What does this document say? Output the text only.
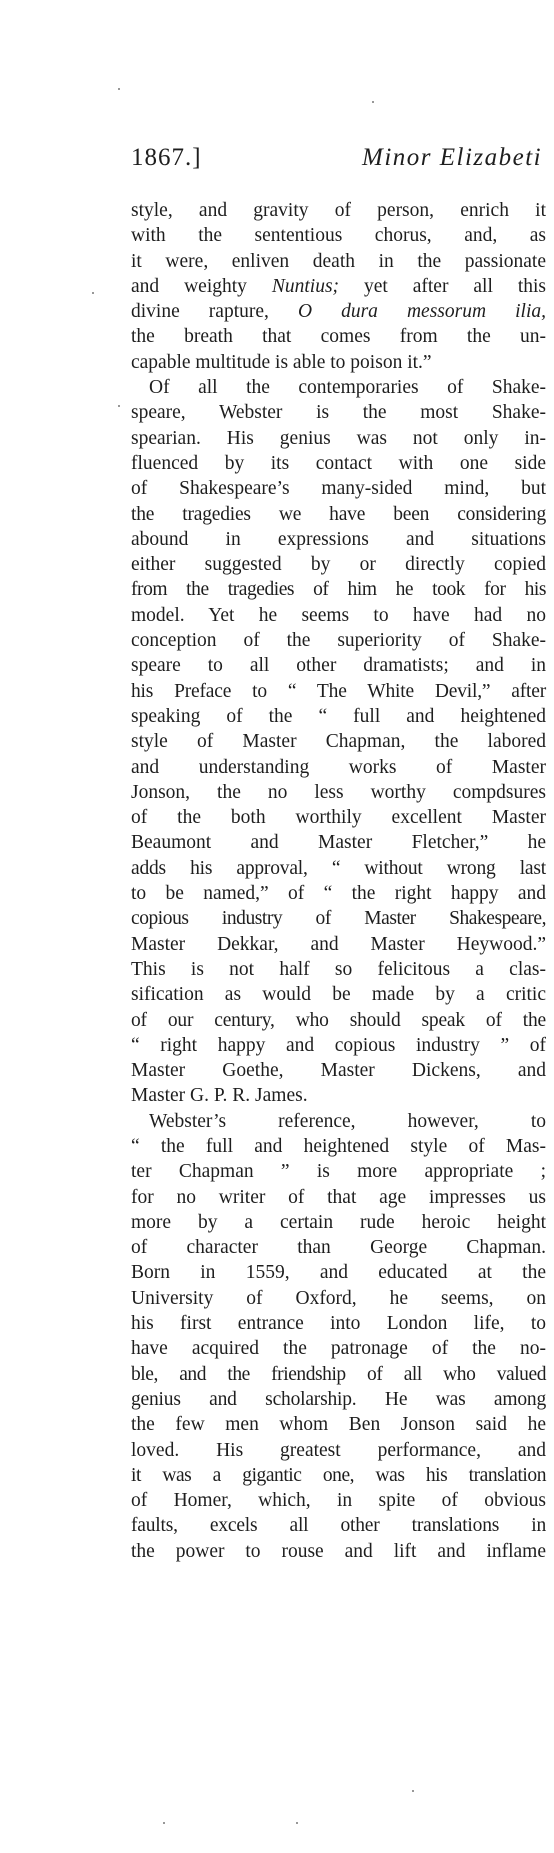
1867.]	Minor Elizabeti
style, and gravity of person, enrich it
with the sententious chorus, and, as
it were, enliven death in the passionate
and weighty Nuntius; yet after all this
divine rapture, O dura messorum ilia,
the breath that comes from the un-
capable multitude is able to poison it.”
Of all the contemporaries of Shake-
speare, Webster is the most Shake-
spearian. His genius was not only in-
fluenced by its contact with one side
of Shakespeare’s many-sided mind, but
the tragedies we have been considering
abound in expressions and situations
either suggested by or directly copied
from the tragedies of him he took for his
model. Yet he seems to have had no
conception of the superiority of Shake-
speare to all other dramatists; and in
his Preface to “ The White Devil,” after
speaking of the “ full and heightened
style of Master Chapman, the labored
and understanding works of Master
Jonson, the no less worthy compdsures
of the both worthily excellent Master
Beaumont and Master Fletcher,” he
adds his approval, “ without wrong last
to be named,” of “ the right happy and
copious industry of Master Shakespeare,
Master Dekkar, and Master Heywood.”
This is not half so felicitous a clas-
sification as would be made by a critic
of our century, who should speak of the
“ right happy and copious industry ” of
Master Goethe, Master Dickens, and
Master G. P. R. James.
Webster’s reference, however, to
“ the full and heightened style of Mas-
ter Chapman ” is more appropriate ;
for no writer of that age impresses us
more by a certain rude heroic height
of character than George Chapman.
Born in 1559, and educated at the
University of Oxford, he seems, on
his first entrance into London life, to
have acquired the patronage of the no-
ble, and the friendship of all who valued
genius and scholarship. He was among
the few men whom Ben Jonson said he
loved. His greatest performance, and
it was a gigantic one, was his translation
of Homer, which, in spite of obvious
faults, excels all other translations in
the power to rouse and lift and inflame
